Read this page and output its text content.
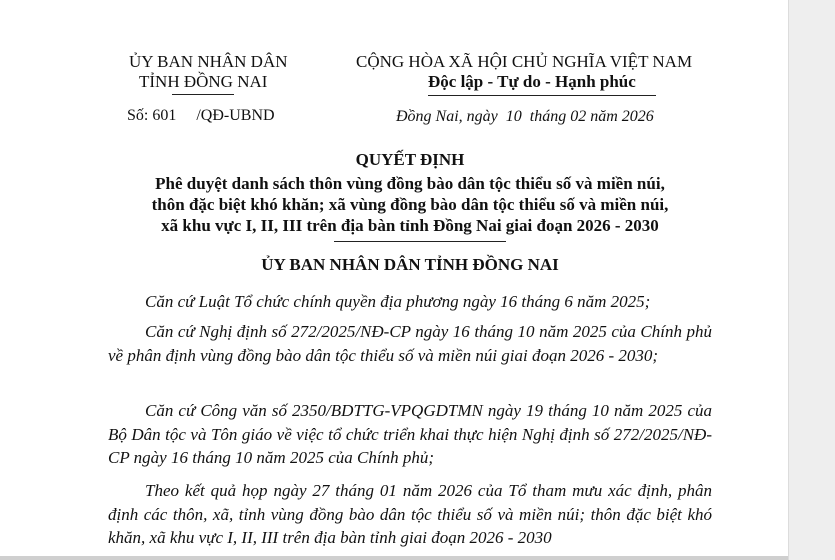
ỦY BAN NHÂN DÂN
TỈNH ĐỒNG NAI
CỘNG HÒA XÃ HỘI CHỦ NGHĨA VIỆT NAM
Độc lập - Tự do - Hạnh phúc
Số: 601     /QĐ-UBND	Đồng Nai, ngày  10  tháng 02 năm 2026
QUYẾT ĐỊNH
Phê duyệt danh sách thôn vùng đồng bào dân tộc thiểu số và miền núi,
thôn đặc biệt khó khăn; xã vùng đồng bào dân tộc thiểu số và miền núi,
xã khu vực I, II, III trên địa bàn tỉnh Đồng Nai giai đoạn 2026 - 2030
ỦY BAN NHÂN DÂN TỈNH ĐỒNG NAI
Căn cứ Luật Tổ chức chính quyền địa phương ngày 16 tháng 6 năm 2025;
Căn cứ Nghị định số 272/2025/NĐ-CP ngày 16 tháng 10 năm 2025 của Chính phủ về phân định vùng đồng bào dân tộc thiểu số và miền núi giai đoạn 2026 - 2030;
Căn cứ Công văn số 2350/BDTTG-VPQGDTMN ngày 19 tháng 10 năm 2025 của Bộ Dân tộc và Tôn giáo về việc tổ chức triển khai thực hiện Nghị định số 272/2025/NĐ-CP ngày 16 tháng 10 năm 2025 của Chính phủ;
Theo kết quả họp ngày 27 tháng 01 năm 2026 của Tổ tham mưu xác định, phân định các thôn, xã, tỉnh vùng đồng bào dân tộc thiểu số và miền núi; thôn đặc biệt khó khăn, xã khu vực I, II, III trên địa bàn tỉnh giai đoạn 2026 - 2030
